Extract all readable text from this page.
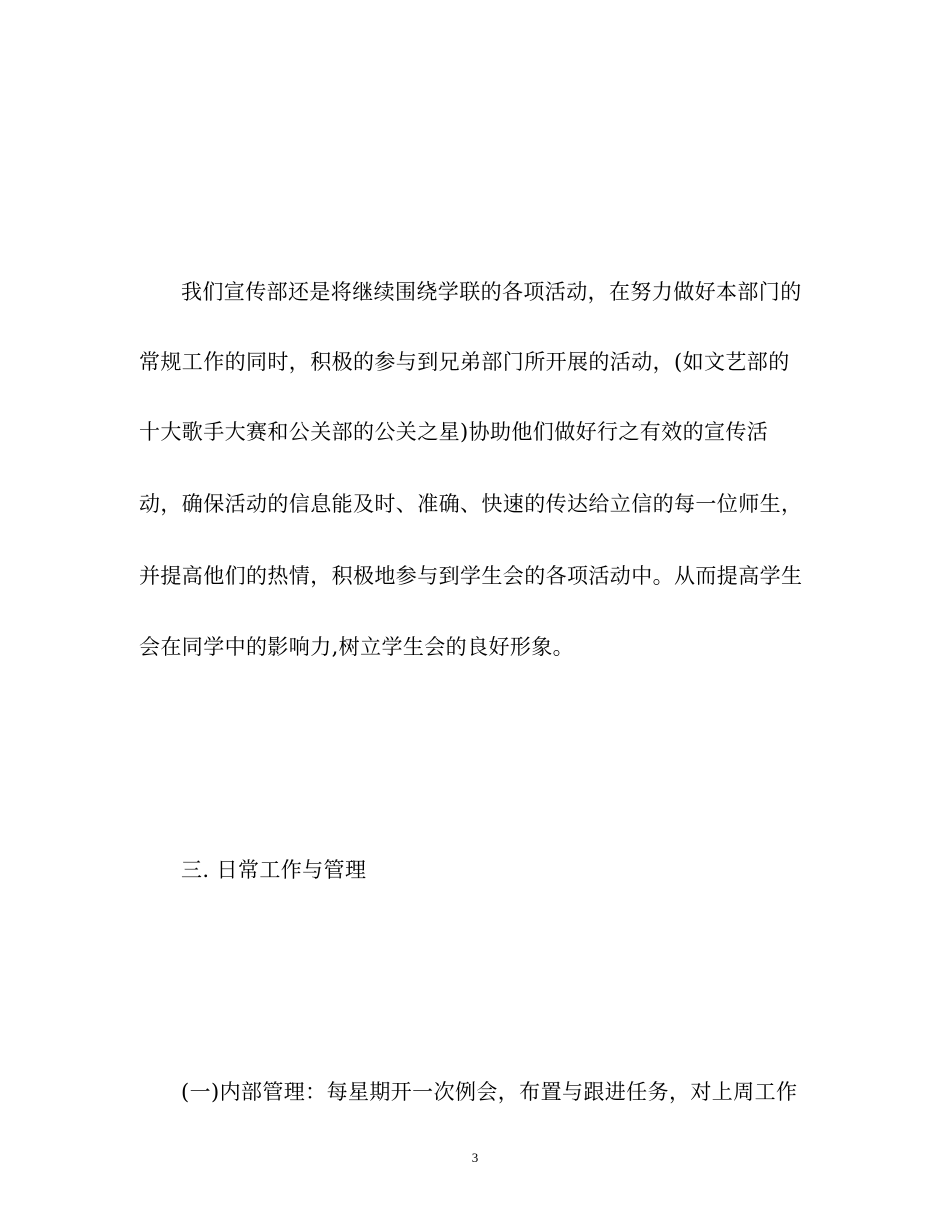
我们宣传部还是将继续围绕学联的各项活动，在努力做好本部门的
常规工作的同时，积极的参与到兄弟部门所开展的活动，(如文艺部的
十大歌手大赛和公关部的公关之星)协助他们做好行之有效的宣传活
动，确保活动的信息能及时、准确、快速的传达给立信的每一位师生，
并提高他们的热情，积极地参与到学生会的各项活动中。从而提高学生
会在同学中的影响力,树立学生会的良好形象。
三. 日常工作与管理
(一)内部管理：每星期开一次例会，布置与跟进任务，对上周工作
3
